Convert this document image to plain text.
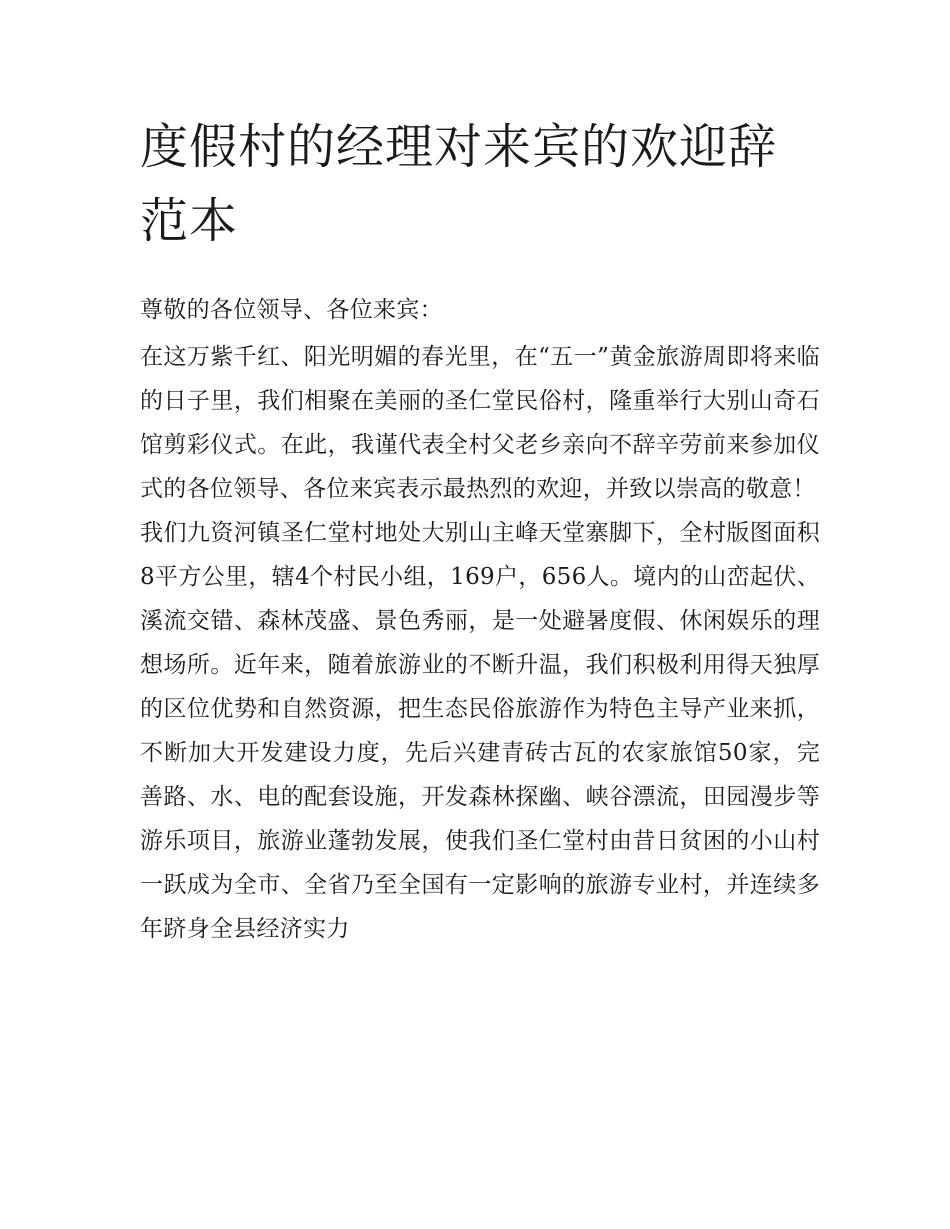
度假村的经理对来宾的欢迎辞范本

尊敬的各位领导、各位来宾：

在这万紫千红、阳光明媚的春光里，在“五一”黄金旅游周即将来临的日子里，我们相聚在美丽的圣仁堂民俗村，隆重举行大别山奇石馆剪彩仪式。在此，我谨代表全村父老乡亲向不辞辛劳前来参加仪式的各位领导、各位来宾表示最热烈的欢迎，并致以崇高的敬意！

我们九资河镇圣仁堂村地处大别山主峰天堂寨脚下，全村版图面积8平方公里，辖4个村民小组，169户，656人。境内的山峦起伏、溪流交错、森林茂盛、景色秀丽，是一处避暑度假、休闲娱乐的理想场所。近年来，随着旅游业的不断升温，我们积极利用得天独厚的区位优势和自然资源，把生态民俗旅游作为特色主导产业来抓，不断加大开发建设力度，先后兴建青砖古瓦的农家旅馆50家，完善路、水、电的配套设施，开发森林探幽、峡谷漂流，田园漫步等游乐项目，旅游业蓬勃发展，使我们圣仁堂村由昔日贫困的小山村一跃成为全市、全省乃至全国有一定影响的旅游专业村，并连续多年跻身全县经济实力
